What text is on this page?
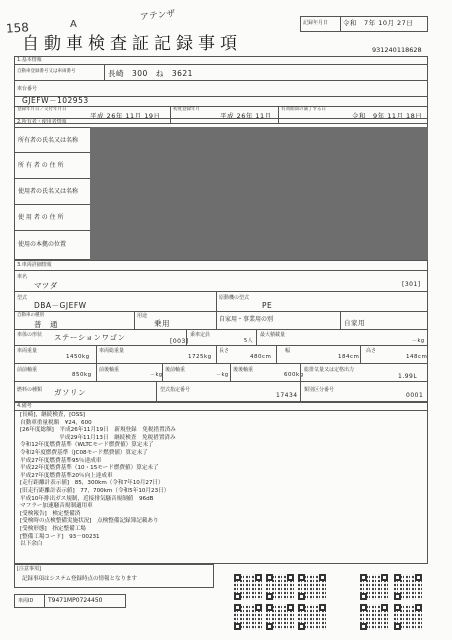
158	A
アテンザ
記録年月日 令和　7年 10月 27日
自動車検査証記録事項	931240118628
1.基本情報
自動車登録番号又は車両番号	長崎　300　ね　3621
車台番号
GJEFW－102953
登録年月日／交付年月日
平成 26年 11月 19日
初度登録年月
平成 26年 11月
有効期間の満了する日
令和　9年 11月 18日
2.所有者・使用者情報
所有者の氏名又は名称
所 有 者 の 住 所
使用者の氏名又は名称
使 用 者 の 住 所
使用の本拠の位置
3.車両詳細情報
車名
マツダ	[301]
型式
DBA－GJEFW
原動機の型式
PE
自動車の種別
普　通
用途
乗用	自家用・事業用の別	自家用
車体の形状 ステーションワゴン	[003]
乗車定員
5人
最大積載量
－kg
車両重量
1450kg
車両総重量
1725kg
長さ
480cm
幅
184cm
高さ
148cm
前前軸重
850kg
前後軸重
－kg
後前軸重
－kg
後後軸重
600kg
総排気量又は定格出力
1.99L
燃料の種類 ガソリン	型式指定番号
17434
類別区分番号
0001
4.備考
[長崎]，継続検査，[OSS]
自動車重量税額　¥24，600
[26年度総額]　平成26年11月19日　新規登録　免税措置済み
　　　　　　　平成29年11月13日　継続検査　免税措置済み
令和12年度燃費基準（WLTCモード燃費値）算定未了
令和2年度燃費基準（JC08モード燃費値）算定未了
平成27年度燃費基準95％達成車
平成22年度燃費基準（10・15モード燃費値）算定未了
平成27年度燃費基準20％向上達成車
[走行距離計表示値]　85，300km（令和7年10月27日）
[旧走行距離計表示値]　77，700km（令和5年10月23日）
平成10年排出ガス規制，近接排気騒音規制値　96dB
マフラー加速騒音規制適用車
[受検報告]　検定整備済
[受検時の点検整備実施状況]　点検整備記録簿記載あり
[受検形態]　指定整備工場
[整備工場コード]　93－00231
以下余白
[注意事項]
記録事項はシステム登録時点の情報となります
車両ID T9471MP0724450
